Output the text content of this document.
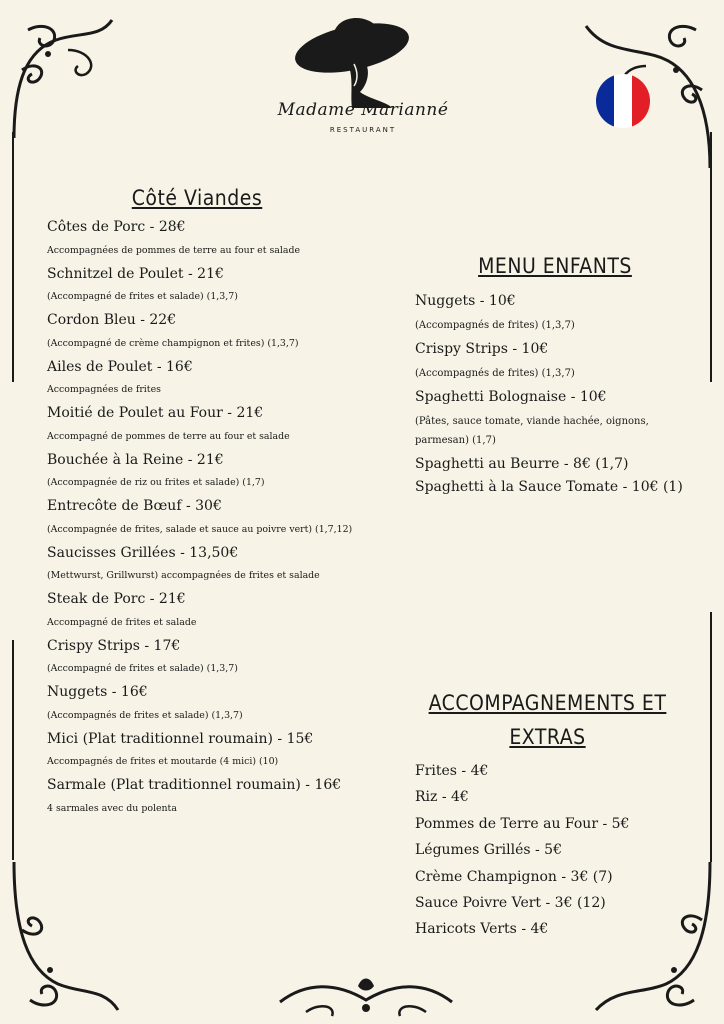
Madame Marianné
RESTAURANT
Côté Viandes
Côtes de Porc - 28€
Accompagnées de pommes de terre au four et salade
Schnitzel de Poulet - 21€
(Accompagné de frites et salade) (1,3,7)
Cordon Bleu - 22€
(Accompagné de crème champignon et frites) (1,3,7)
Ailes de Poulet - 16€
Accompagnées de frites
Moitié de Poulet au Four - 21€
Accompagné de pommes de terre au four et salade
Bouchée à la Reine - 21€
(Accompagnée de riz ou frites et salade) (1,7)
Entrecôte de Bœuf - 30€
(Accompagnée de frites, salade et sauce au poivre vert) (1,7,12)
Saucisses Grillées - 13,50€
(Mettwurst, Grillwurst) accompagnées de frites et salade
Steak de Porc - 21€
Accompagné de frites et salade
Crispy Strips - 17€
(Accompagné de frites et salade) (1,3,7)
Nuggets - 16€
(Accompagnés de frites et salade) (1,3,7)
Mici (Plat traditionnel roumain) - 15€
Accompagnés de frites et moutarde (4 mici) (10)
Sarmale (Plat traditionnel roumain) - 16€
4 sarmales avec du polenta
MENU ENFANTS
Nuggets - 10€
(Accompagnés de frites) (1,3,7)
Crispy Strips - 10€
(Accompagnés de frites) (1,3,7)
Spaghetti Bolognaise - 10€
(Pâtes, sauce tomate, viande hachée, oignons, parmesan) (1,7)
Spaghetti au Beurre - 8€ (1,7)
Spaghetti à la Sauce Tomate - 10€ (1)
ACCOMPAGNEMENTS ET
EXTRAS
Frites - 4€
Riz - 4€
Pommes de Terre au Four - 5€
Légumes Grillés - 5€
Crème Champignon - 3€ (7)
Sauce Poivre Vert - 3€ (12)
Haricots Verts - 4€
